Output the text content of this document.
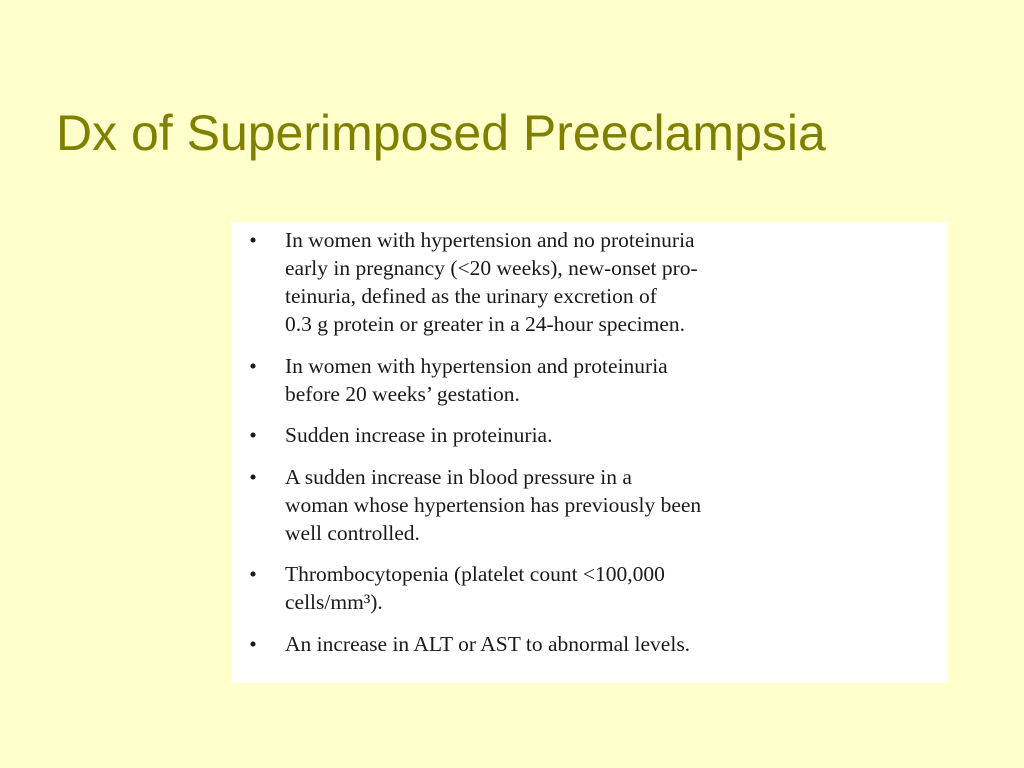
Dx of Superimposed Preeclampsia
• In women with hypertension and no proteinuria
early in pregnancy (<20 weeks), new-onset pro-
teinuria, defined as the urinary excretion of
0.3 g protein or greater in a 24-hour specimen.
• In women with hypertension and proteinuria
before 20 weeks’ gestation.
• Sudden increase in proteinuria.
• A sudden increase in blood pressure in a
woman whose hypertension has previously been
well controlled.
• Thrombocytopenia (platelet count <100,000
cells/mm³).
• An increase in ALT or AST to abnormal levels.
